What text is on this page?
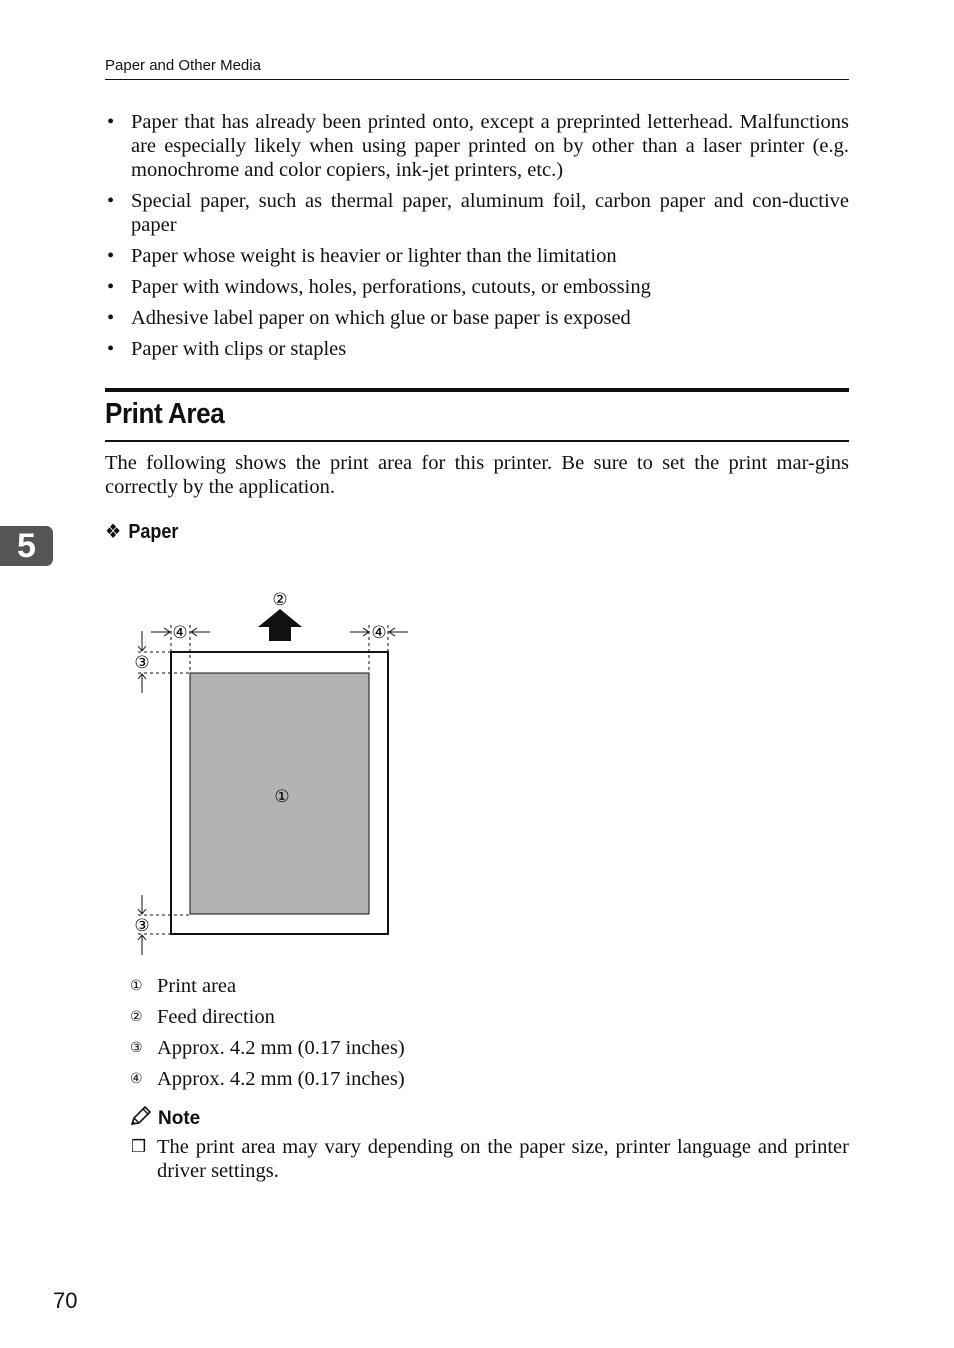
Paper and Other Media
• Paper that has already been printed onto, except a preprinted letterhead. Malfunctions are especially likely when using paper printed on by other than a laser printer (e.g. monochrome and color copiers, ink-jet printers, etc.)
• Special paper, such as thermal paper, aluminum foil, carbon paper and con-ductive paper
• Paper whose weight is heavier or lighter than the limitation
• Paper with windows, holes, perforations, cutouts, or embossing
• Adhesive label paper on which glue or base paper is exposed
• Paper with clips or staples
Print Area

The following shows the print area for this printer. Be sure to set the print mar-gins correctly by the application.

❖ Paper
5
②
④	④
③
③
①
① Print area
② Feed direction
③ Approx. 4.2 mm (0.17 inches)
④ Approx. 4.2 mm (0.17 inches)
Note
❒ The print area may vary depending on the paper size, printer language and printer driver settings.
70
